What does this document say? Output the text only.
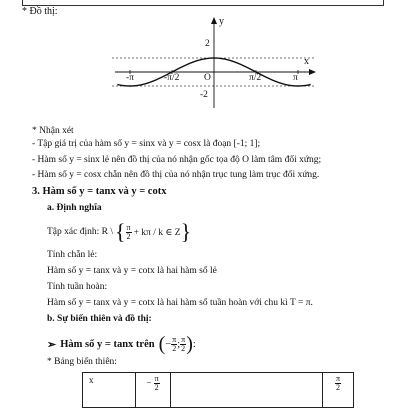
* Đồ thị:
y
x
2
-2
O
-π	-π/2	π/2	π
* Nhận xét
- Tập giá trị của hàm số y = sinx và y = cosx là đoạn [-1; 1];
- Hàm số y = sinx lẻ nên đồ thị của nó nhận gốc tọa độ O làm tâm đối xứng;
- Hàm số y = cosx chẵn nên đồ thị của nó nhận trục tung làm trục đối xứng.
3. Hàm số y = tanx và y = cotx
a. Định nghĩa
Tập xác định: R \ { $\frac{\pi}{2} + k\pi / k$ ∈ Z }
Tính chẵn lẻ:
Hàm số y = tanx và y = cotx là hai hàm số lẻ
Tính tuần hoàn:
Hàm số y = tanx và y = cotx là hai hàm số tuần hoàn với chu kì T = π.
b. Sự biến thiên và đồ thị:
➢ Hàm số y = tanx trên ( − $\frac{\pi}{2}$ ; $\frac{\pi}{2}$ ) :
* Bảng biến thiên:
x	− $\frac{\pi}{2}$		$\frac{\pi}{2}$
